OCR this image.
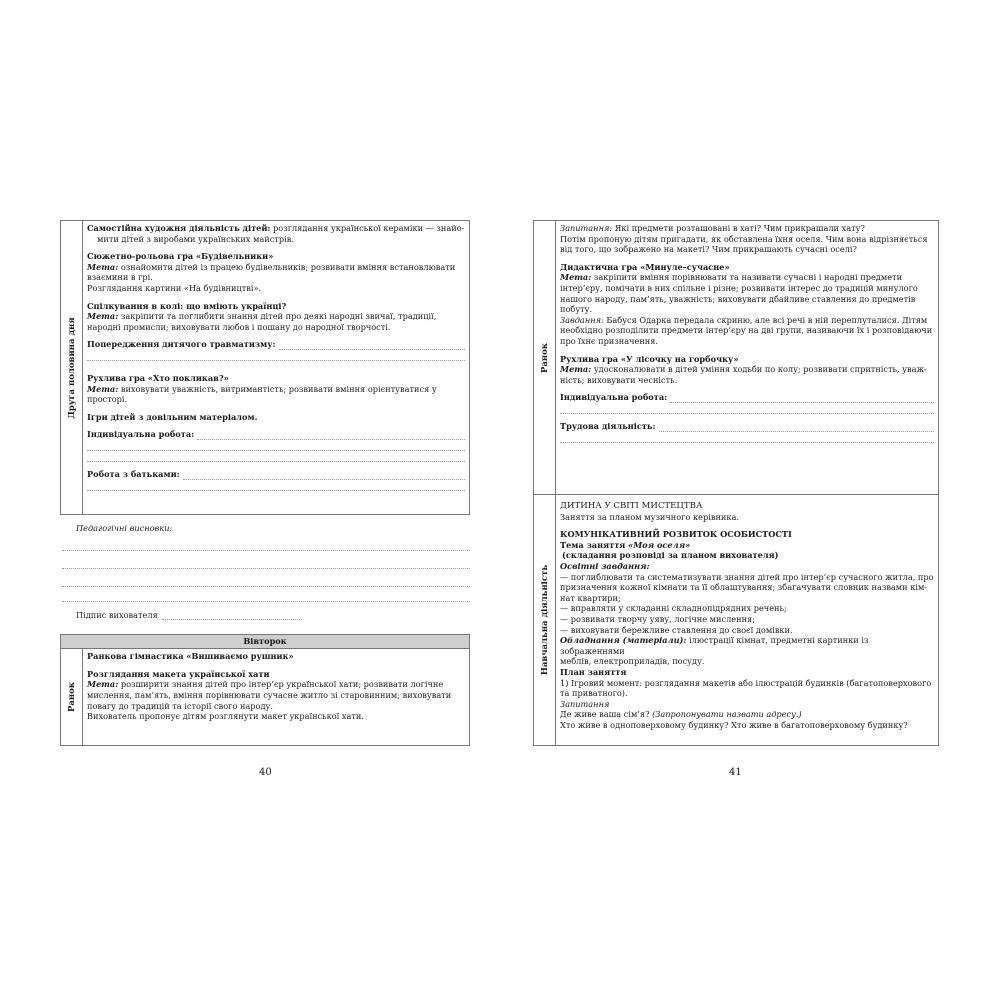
Друга половина дня

Самостійна художня діяльність дітей: розглядання української кераміки — знайо-

мити дітей з виробами українських майстрів.

Сюжетно-рольова гра «Будівельники»

Мета: ознайомити дітей із працею будівельників; розвивати вміння встановлювати

взаємини в грі.

Розглядання картини «На будівництві».

Спілкування в колі: що вміють українці?

Мета: закріпити та поглибити знання дітей про деякі народні звичаї, традиції,

народні промисли; виховувати любов і пошану до народної творчості.

Попередження дитячого травматизму:

Рухлива гра «Хто покликав?»

Мета: виховувати уважність, витримантість; розвивати вміння орієнтуватися у просторі.

Ігри дітей з довільним матеріалом.

Індивідуальна робота:
Робота з батьками:

Педагогічні висновки:

Підпис вихователя
Вівторок
Ранок

Ранкова гімнастика «Вишиваємо рушник»

Розглядання макета української хати

Мета: розширити знання дітей про інтер’єр української хати; розвивати логічне

мислення, пам’ять, вміння порівнювати сучасне житло зі старовинним; виховувати

повагу до традицій та історії свого народу.

Вихователь пропонує дітям розглянути макет української хати.

Ранок

Запитання: Які предмети розташовані в хаті? Чим прикрашали хату?

Потім пропоную дітям пригадати, як обставлена їхня оселя. Чим вона відрізняється

від того, що зображено на макеті? Чим прикрашають сучасні оселі?

Дидактична гра «Минуле–сучасне»

Мета: закріпити вміння порівнювати та називати сучасні і народні предмети

інтер’єру, помічати в них спільне і різне; розвивати інтерес до традицій минулого

нашого народу, пам’ять, уважність; виховувати дбайливе ставлення до предметів

побуту.

Завдання: Бабуся Одарка передала скриню, але всі речі в ній переплуталися. Дітям

необхідно розподілити предмети інтер’єру на дві групи, називаючи їх і розповідаючи

про їхнє призначення.

Рухлива гра «У лісочку на горбочку»

Мета: удосконалювати в дітей уміння ходьби по колу; розвивати спритність, уваж-

ність; виховувати чесність.

Індивідуальна робота:
Трудова діяльність:
Навчальна діяльність

ДИТИНА У СВІТІ МИСТЕЦТВА

Заняття за планом музичного керівника.

КОМУНІКАТИВНИЙ РОЗВИТОК ОСОБИСТОСТІ

Тема заняття «Моя оселя»

(складання розповіді за планом вихователя)

Освітні завдання:

— поглиблювати та систематизувати знання дітей про інтер’єр сучасного житла, про

призначення кожної кімнати та її облаштування; збагачувати словник назвами кім-

нат квартири;

— вправляти у складанні складнопідрядних речень;

— розвивати творчу уяву, логічне мислення;

— виховувати бережливе ставлення до своєї домівки.

Обладнання (матеріали): ілюстрації кімнат, предметні картинки із зображеннями

меблів, електроприладів, посуду.

План заняття

1) Ігровий момент: розглядання макетів або ілюстрацій будинків (багатоповерхового

та приватного).

Запитання

Де живе ваша сім’я? (Запропонувати назвати адресу.)

Хто живе в одноповерховому будинку? Хто живе в багатоповерховому будинку?

40	41
